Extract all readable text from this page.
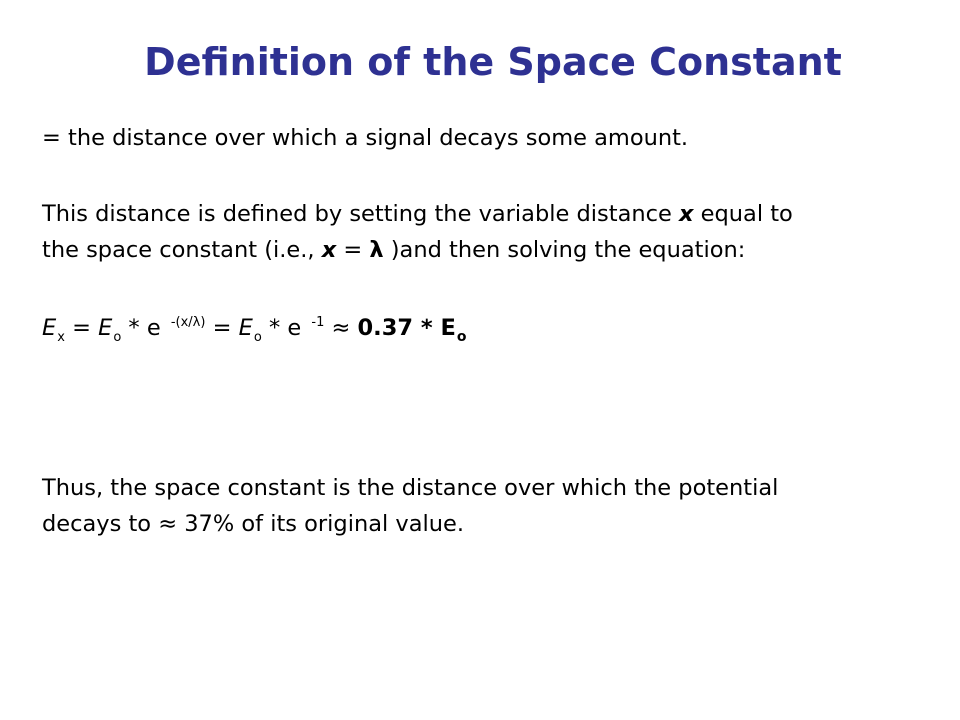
Definition of the Space Constant
= the distance over which a signal decays some amount.
This distance is defined by setting the variable distance x equal to
the space constant (i.e., x = λ )and then solving the equation:
$E_x = E_o * e$ $^{-(x/\lambda)} = E_o * e$ $^{-1} \approx 0.37 * E_o$
Thus, the space constant is the distance over which the potential
decays to ≈ 37% of its original value.
